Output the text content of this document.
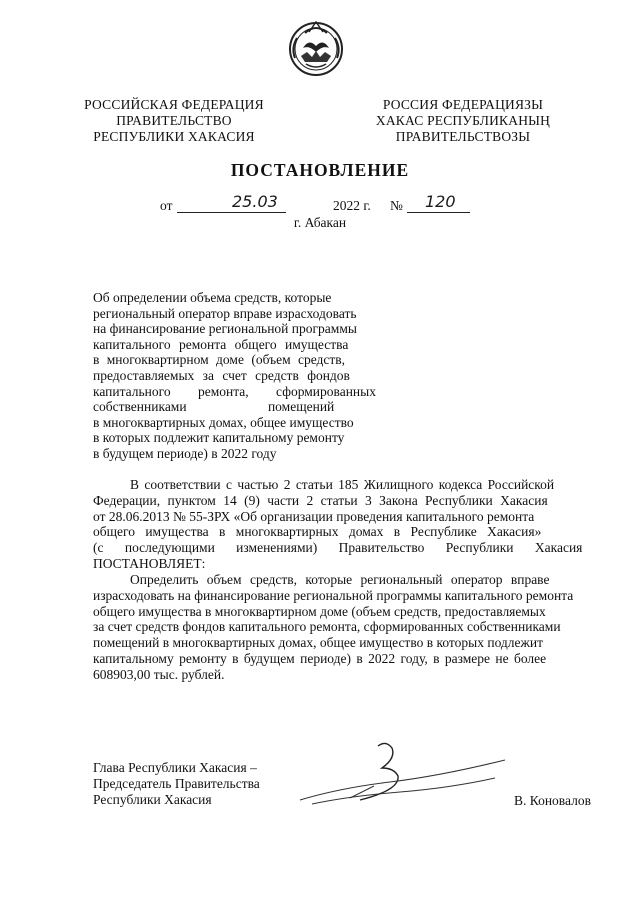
РОССИЙСКАЯ ФЕДЕРАЦИЯ
ПРАВИТЕЛЬСТВО
РЕСПУБЛИКИ ХАКАСИЯ
РОССИЯ ФЕДЕРАЦИЯЗЫ
ХАКАС РЕСПУБЛИКАНЫҢ
ПРАВИТЕЛЬСТВОЗЫ
ПОСТАНОВЛЕНИЕ
от	25.03	2022 г. № 120
г. Абакан
Об определении объема средств, которые
региональный оператор вправе израсходовать
на финансирование региональной программы
капитального ремонта общего имущества
в многоквартирном доме (объем средств,
предоставляемых за счет средств фондов
капитального ремонта, сформированных
собственниками помещений
в многоквартирных домах, общее имущество
в которых подлежит капитальному ремонту
в будущем периоде) в 2022 году
В соответствии с частью 2 статьи 185 Жилищного кодекса Российской
Федерации, пунктом 14 (9) части 2 статьи 3 Закона Республики Хакасия
от 28.06.2013 № 55-ЗРХ «Об организации проведения капитального ремонта
общего имущества в многоквартирных домах в Республике Хакасия»
(с последующими изменениями) Правительство Республики Хакасия
ПОСТАНОВЛЯЕТ:
Определить объем средств, которые региональный оператор вправе
израсходовать на финансирование региональной программы капитального ремонта
общего имущества в многоквартирном доме (объем средств, предоставляемых
за счет средств фондов капитального ремонта, сформированных собственниками
помещений в многоквартирных домах, общее имущество в которых подлежит
капитальному ремонту в будущем периоде) в 2022 году, в размере не более
608903,00 тыс. рублей.
Глава Республики Хакасия –
Председатель Правительства
Республики Хакасия	В. Коновалов
